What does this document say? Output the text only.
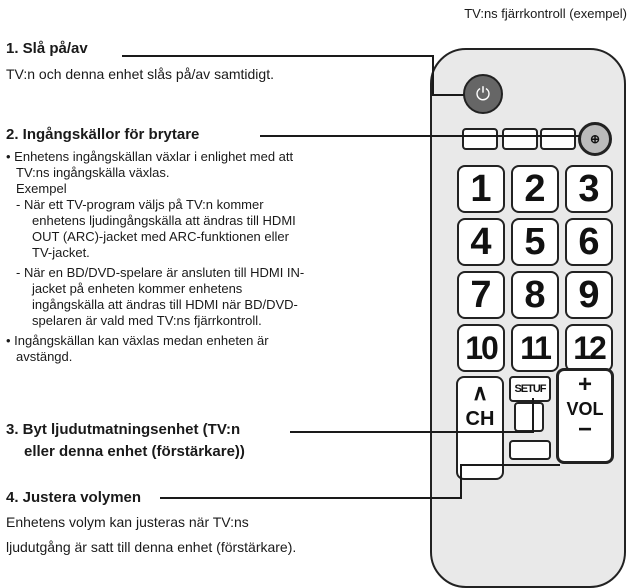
TV:ns fjärrkontroll (exempel)
1. Slå på/av
TV:n och denna enhet slås på/av samtidigt.
2. Ingångskällor för brytare
• Enhetens ingångskällan växlar i enlighet med att
TV:ns ingångskälla växlas.
Exempel
- När ett TV-program väljs på TV:n kommer
enhetens ljudingångskälla att ändras till HDMI
OUT (ARC)-jacket med ARC-funktionen eller
TV-jacket.
- När en BD/DVD-spelare är ansluten till HDMI IN-
jacket på enheten kommer enhetens
ingångskälla att ändras till HDMI när BD/DVD-
spelaren är vald med TV:ns fjärrkontroll.
• Ingångskällan kan växlas medan enheten är
avstängd.
3. Byt ljudutmatningsenhet (TV:n
eller denna enhet (förstärkare))
4. Justera volymen
Enhetens volym kan justeras när TV:ns
ljudutgång är satt till denna enhet (förstärkare).
⏻
⊕
1 2 3
4 5 6
7 8 9
10 11 12
∧
CH
SETUF +
VOL
−
